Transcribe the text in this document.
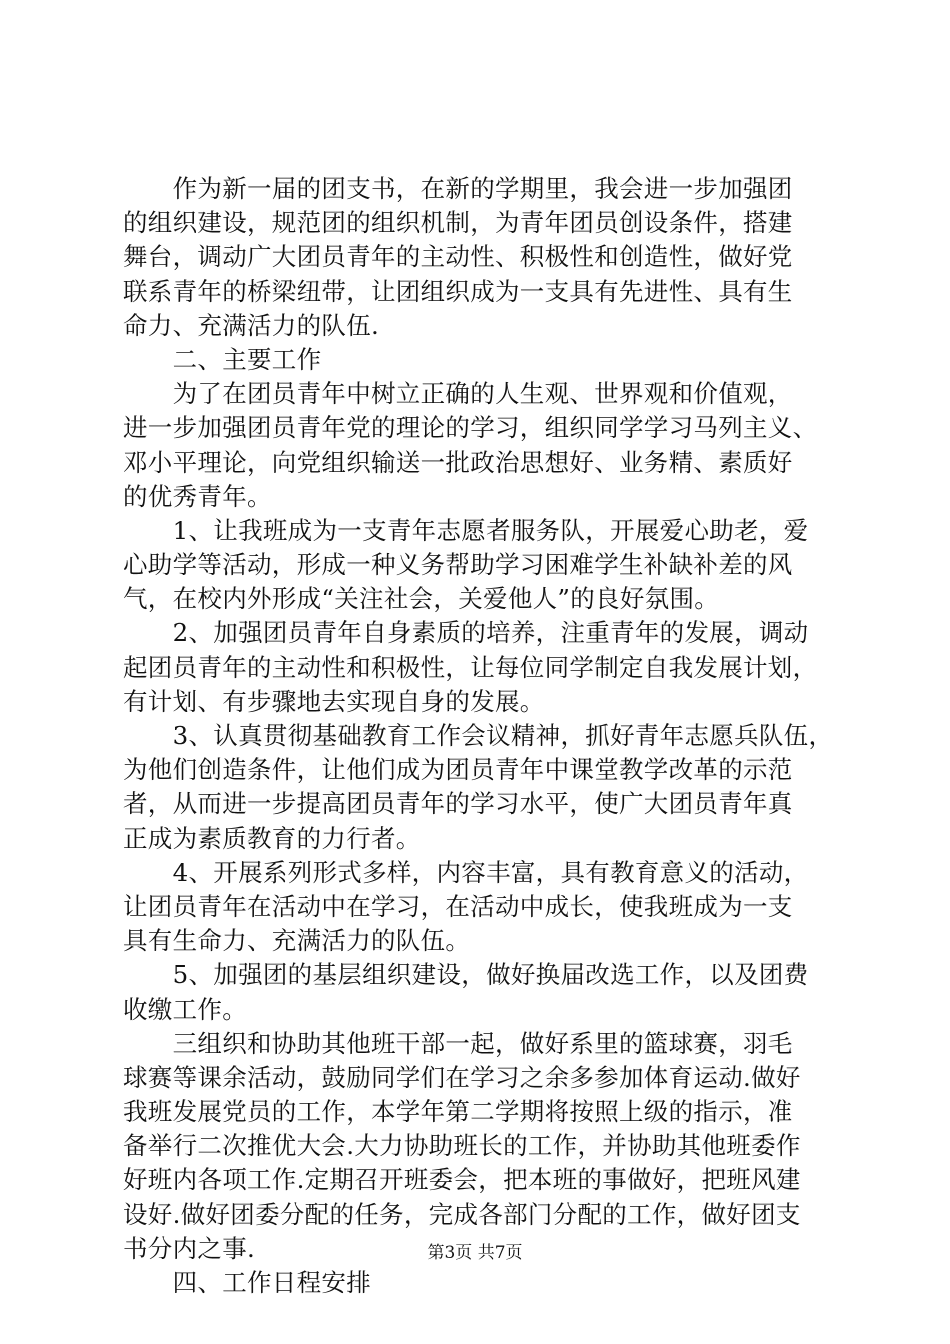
　　作为新一届的团支书，在新的学期里，我会进一步加强团
的组织建设，规范团的组织机制，为青年团员创设条件，搭建
舞台，调动广大团员青年的主动性、积极性和创造性，做好党
联系青年的桥梁纽带，让团组织成为一支具有先进性、具有生
命力、充满活力的队伍.
　　二、主要工作
　　为了在团员青年中树立正确的人生观、世界观和价值观，
进一步加强团员青年党的理论的学习，组织同学学习马列主义、
邓小平理论，向党组织输送一批政治思想好、业务精、素质好
的优秀青年。
　　1、让我班成为一支青年志愿者服务队，开展爱心助老，爱
心助学等活动，形成一种义务帮助学习困难学生补缺补差的风
气，在校内外形成“关注社会，关爱他人”的良好氛围。
　　2、加强团员青年自身素质的培养，注重青年的发展，调动
起团员青年的主动性和积极性，让每位同学制定自我发展计划，
有计划、有步骤地去实现自身的发展。
　　3、认真贯彻基础教育工作会议精神，抓好青年志愿兵队伍，
为他们创造条件，让他们成为团员青年中课堂教学改革的示范
者，从而进一步提高团员青年的学习水平，使广大团员青年真
正成为素质教育的力行者。
　　4、开展系列形式多样，内容丰富，具有教育意义的活动，
让团员青年在活动中在学习，在活动中成长，使我班成为一支
具有生命力、充满活力的队伍。
　　5、加强团的基层组织建设，做好换届改选工作，以及团费
收缴工作。
　　三组织和协助其他班干部一起，做好系里的篮球赛，羽毛
球赛等课余活动，鼓励同学们在学习之余多参加体育运动.做好
我班发展党员的工作，本学年第二学期将按照上级的指示，准
备举行二次推优大会.大力协助班长的工作，并协助其他班委作
好班内各项工作.定期召开班委会，把本班的事做好，把班风建
设好.做好团委分配的任务，完成各部门分配的工作，做好团支
书分内之事.
　　四、工作日程安排
第3页 共7页
